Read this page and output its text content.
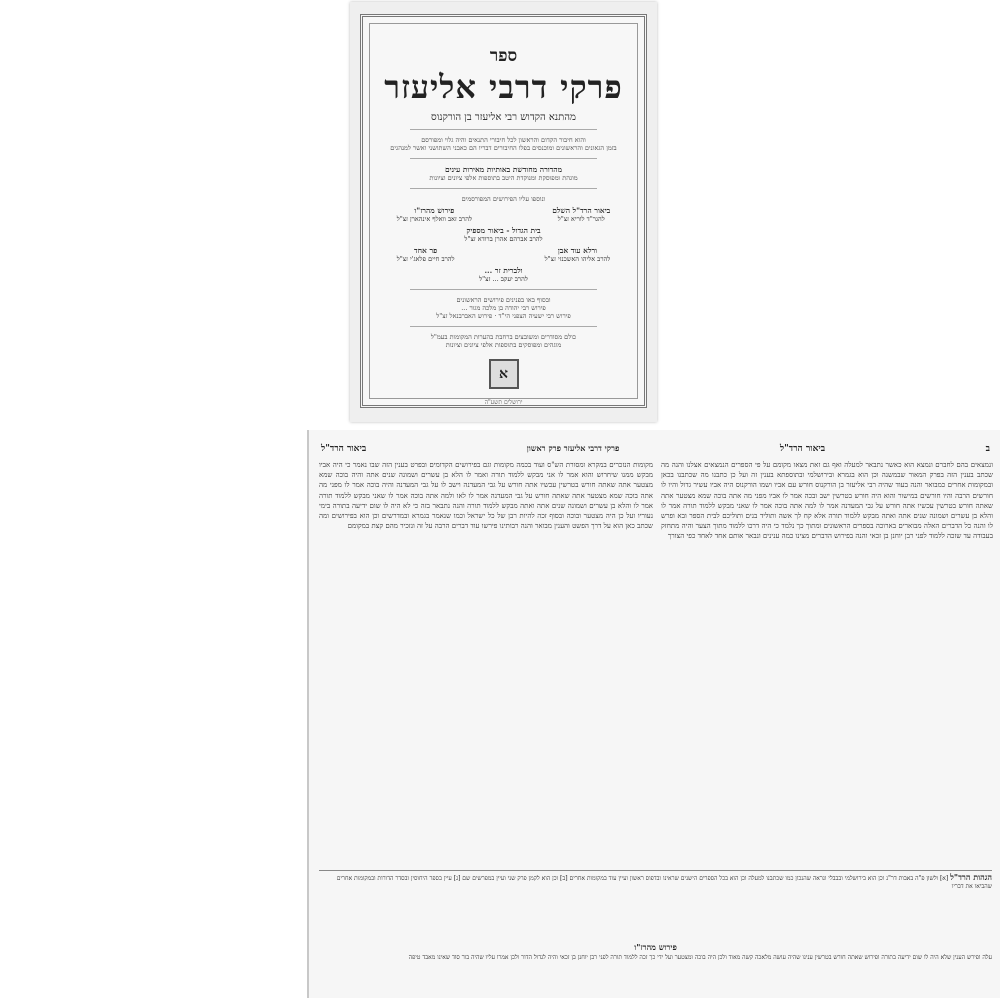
ספר
פרקי דרבי אליעזר
מהתנא הקדוש רבי אליעזר בן הורקנוס
והוא חיבור הקדום והראשון לכל חיבורי התנאים והיה גלוי ומפורסם
בזמן הגאונים והראשונים ומוכנסים בפלו החיבורים דבריו הם כאבני השתושני ואשר למנהגים
מהדורה מחודשת באותיות מאירות עינים
מוגהת ומפוסקת ומנוקדת היטב בתוספות אלפי ציונים וציונות
ונוספו עליו הפירושים המפורסמים
ביאור הרד"ל השלם
להגר"ד לוריא זצ"ל
פירוש מהרז"ו
להרב זאב וואלף אינהארן זצ"ל
בית הגדול - ביאור מספיק
להרב אברהם אהרן ברודא זצ"ל
ורלא עוד אבן
להרב אליהו האשכנזי זצ"ל
פר אחד
להרב חיים פלאג'י זצ"ל
ולברית זר ...
להרב יעקב ... זצ"ל
ובסוף באו בפנינים פירושים הראשונים
פירוש רבי יהודה בן מלכה מגור ...
פירוש רבי ישעיה הצפני הי"ד · פירוש האברבנאל זצ"ל
כולם מסודרים ומשובצים ברחבת בהערות המקומות בעמ"ל
מוגהים ומפוסקים בתוספות אלפי ציונים וציונות
א
ירושלים תשע"ה
ב
ביאור הרד"ל
פרקי דרבי אליעזר פרק ראשון
ביאור הרד"ל
ונמצאים בהם לחברם ונמצא הוא כאשר נתבאר למעלה ואף גם זאת מצאו מקומם על פי הספרים הנמצאים אצלנו והנה מה שכתב בענין הזה בפרק המאור שבמשנה וכן הוא בגמרא ובירושלמי ובתוספתא בענין זה ועל כן כתבנו מה שכתבנו בכאן ובמקומות אחרים כמבואר והנה בעוד שהיה רבי אליעזר בן הורקנוס חורש עם אביו ושמו הורקנוס היה אביו עשיר גדול והיו לו חורשים הרבה והיו חורשים במישור והוא היה חורש בטרשין ישב ובכה אמר לו אביו מפני מה אתה בוכה שמא מצטער אתה שאתה חורש בטרשין עכשיו אתה חורש על גבי המעדנה אמר לו למה אתה בוכה אמר לו שאני מבקש ללמוד תורה אמר לו והלא בן עשרים ושמונה שנים אתה ואתה מבקש ללמוד תורה אלא קח לך אשה ותוליד בנים ותוליכם לבית הספר ובא ופרש לו והנה כל הדברים האלה מבוארים בארוכה בספרים הראשונים ומתוך כך נלמד כי היה דרכו ללמוד מתוך הצער והיה מתחזק בעבודה עד שזכה ללמוד לפני רבן יוחנן בן זכאי והנה בפירוש הדברים מצינו כמה ענינים ונבאר אותם אחד לאחד כפי הצורך
מקומות הנזכרים במקרא ומסורת הש"ס ועוד בכמה מקומות וגם בפירושים הקדומים ובפרט בענין הזה שבו נאמר כי היה אביו מבקש ממנו שיחרוש והוא אמר לו אני מבקש ללמוד תורה ואמר לו הלא בן עשרים ושמונה שנים אתה והיה בוכה שמא מצטער אתה שאתה חורש בטרשין עכשיו אתה חורש על גבי המעדנה וישב לו על גבי המעדנה והיה בוכה אמר לו מפני מה אתה בוכה שמא מצטער אתה שאתה חורש על גבי המעדנה אמר לו לאו ולמה אתה בוכה אמר לו שאני מבקש ללמוד תורה אמר לו והלא בן עשרים ושמונה שנים אתה ואתה מבקש ללמוד תורה והנה נתבאר בזה כי לא היה לו שום ידיעה בתורה בימי נעוריו ועל כן היה מצטער ובוכה ובסוף זכה להיות רבן של כל ישראל וכמו שנאמר בגמרא ובמדרשים וכן הוא בפירושים ומה שכתב כאן הוא על דרך הפשט והענין מבואר והנה רבותינו פירשו עוד דברים הרבה על זה ונזכיר מהם קצת במקומם
הגהות הרד"ל [א] ולשון פ"ה באבות דר"נ וכן הוא בירושלמי ובבבלי ונראה שהנכון כמו שכתבנו למעלה וכן הוא בכל הספרים הישנים שראינו ובדפוס ראשון ועיין עוד במקומות אחרים [ב] וכן הוא לקמן פרק שני ועיין במפרשים שם [ג] עיין בספר היחוסין ובסדר הדורות ובמקומות אחרים שהביאו את דבריו
פירוש מהרז"ו
עלה ופירש הענין שלא היה לו שום ידיעה בתורה ופירוש שאתה חורש בטרשין ענינו שהיה עושה מלאכה קשה מאוד ולכן היה בוכה ומצטער ועל ידי כך זכה ללמוד תורה לפני רבן יוחנן בן זכאי והיה לגדול הדור ולכן אמרו עליו שהיה בור סוד שאינו מאבד טיפה
